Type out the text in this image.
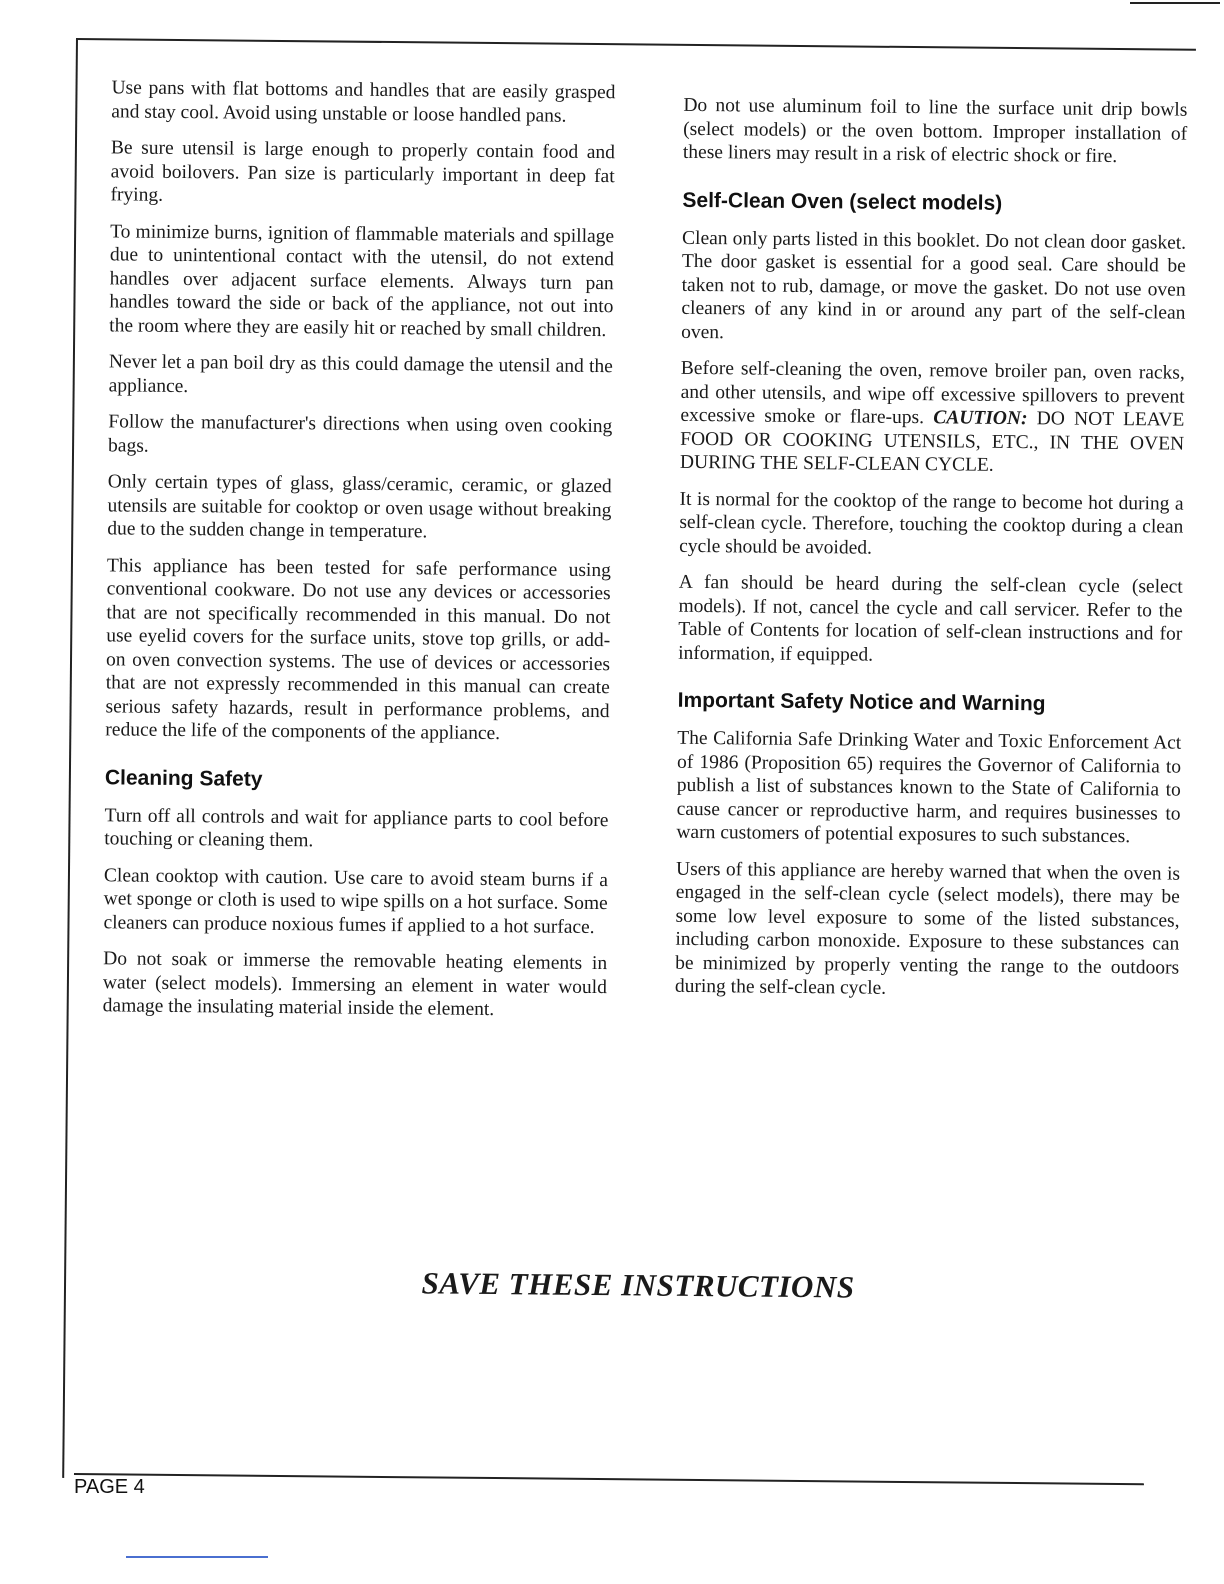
Use pans with flat bottoms and handles that are easily grasped and stay cool. Avoid using unstable or loose handled pans.

Be sure utensil is large enough to properly contain food and avoid boilovers. Pan size is particularly important in deep fat frying.

To minimize burns, ignition of flammable materials and spillage due to unintentional contact with the utensil, do not extend handles over adjacent surface elements. Always turn pan handles toward the side or back of the appliance, not out into the room where they are easily hit or reached by small children.

Never let a pan boil dry as this could damage the utensil and the appliance.

Follow the manufacturer's directions when using oven cooking bags.

Only certain types of glass, glass/ceramic, ceramic, or glazed utensils are suitable for cooktop or oven usage without breaking due to the sudden change in temperature.

This appliance has been tested for safe performance using conventional cookware. Do not use any devices or accessories that are not specifically recommended in this manual. Do not use eyelid covers for the surface units, stove top grills, or add-on oven convection systems. The use of devices or accessories that are not expressly recommended in this manual can create serious safety hazards, result in performance problems, and reduce the life of the components of the appliance.

Cleaning Safety

Turn off all controls and wait for appliance parts to cool before touching or cleaning them.

Clean cooktop with caution. Use care to avoid steam burns if a wet sponge or cloth is used to wipe spills on a hot surface. Some cleaners can produce noxious fumes if applied to a hot surface.

Do not soak or immerse the removable heating elements in water (select models). Immersing an element in water would damage the insulating material inside the element.

Do not use aluminum foil to line the surface unit drip bowls (select models) or the oven bottom. Improper installation of these liners may result in a risk of electric shock or fire.

Self-Clean Oven (select models)

Clean only parts listed in this booklet. Do not clean door gasket. The door gasket is essential for a good seal. Care should be taken not to rub, damage, or move the gasket. Do not use oven cleaners of any kind in or around any part of the self-clean oven.

Before self-cleaning the oven, remove broiler pan, oven racks, and other utensils, and wipe off excessive spillovers to prevent excessive smoke or flare-ups. CAUTION: DO NOT LEAVE FOOD OR COOKING UTENSILS, ETC., IN THE OVEN DURING THE SELF-CLEAN CYCLE.

It is normal for the cooktop of the range to become hot during a self-clean cycle. Therefore, touching the cooktop during a clean cycle should be avoided.

A fan should be heard during the self-clean cycle (select models). If not, cancel the cycle and call servicer. Refer to the Table of Contents for location of self-clean instructions and for information, if equipped.

Important Safety Notice and Warning

The California Safe Drinking Water and Toxic Enforcement Act of 1986 (Proposition 65) requires the Governor of California to publish a list of substances known to the State of California to cause cancer or reproductive harm, and requires businesses to warn customers of potential exposures to such substances.

Users of this appliance are hereby warned that when the oven is engaged in the self-clean cycle (select models), there may be some low level exposure to some of the listed substances, including carbon monoxide. Exposure to these substances can be minimized by properly venting the range to the outdoors during the self-clean cycle.

SAVE THESE INSTRUCTIONS
PAGE 4
